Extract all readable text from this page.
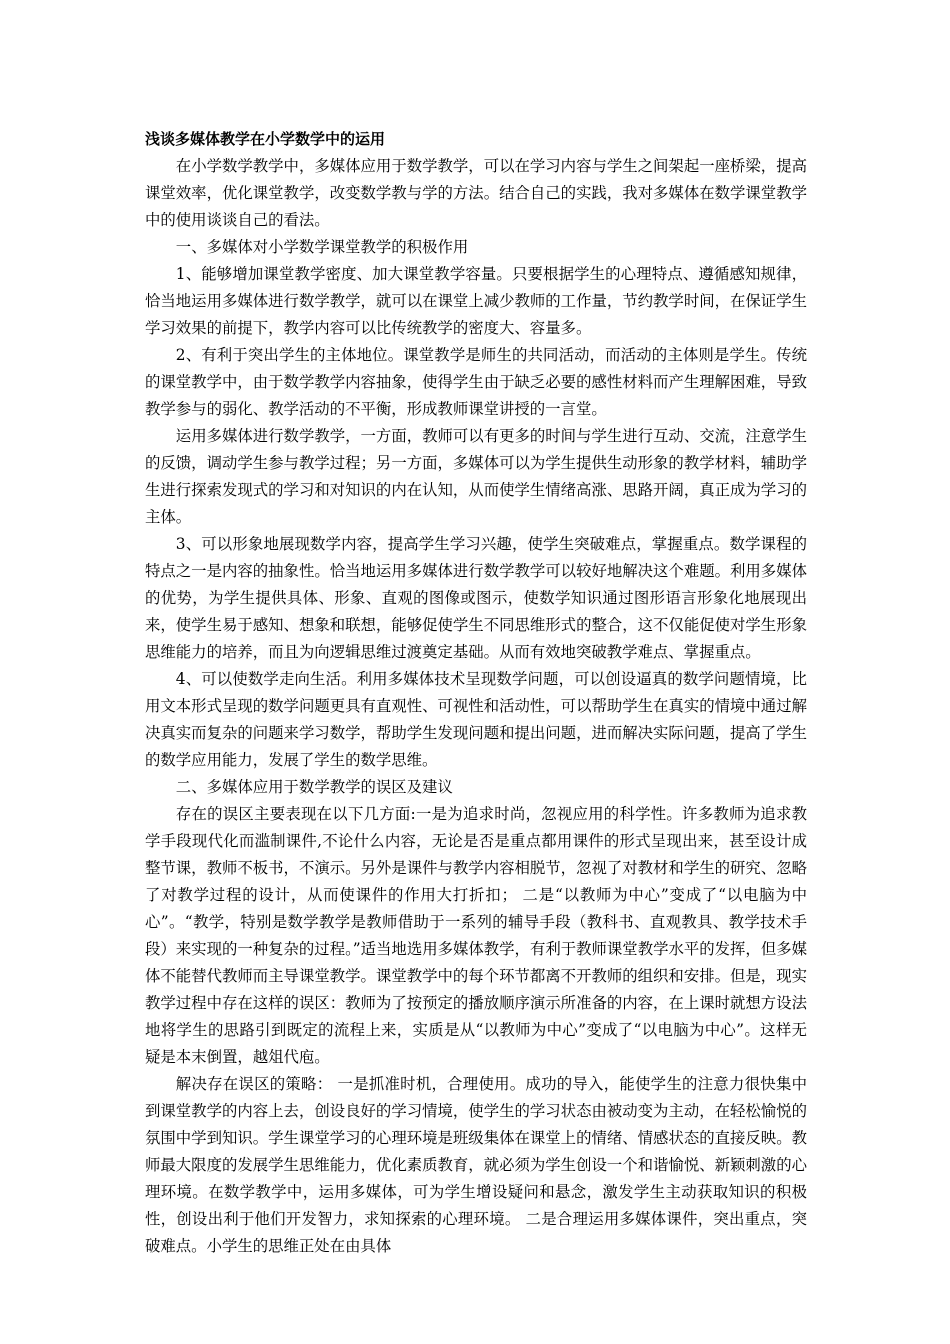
浅谈多媒体教学在小学数学中的运用

在小学数学教学中，多媒体应用于数学教学，可以在学习内容与学生之间架起一座桥梁，提高课堂效率，优化课堂教学，改变数学教与学的方法。结合自己的实践，我对多媒体在数学课堂教学中的使用谈谈自己的看法。

一、多媒体对小学数学课堂教学的积极作用

1、能够增加课堂教学密度、加大课堂教学容量。只要根据学生的心理特点、遵循感知规律，恰当地运用多媒体进行数学教学，就可以在课堂上减少教师的工作量，节约教学时间，在保证学生学习效果的前提下，教学内容可以比传统教学的密度大、容量多。

2、有利于突出学生的主体地位。课堂教学是师生的共同活动，而活动的主体则是学生。传统的课堂教学中，由于数学教学内容抽象，使得学生由于缺乏必要的感性材料而产生理解困难，导致教学参与的弱化、教学活动的不平衡，形成教师课堂讲授的一言堂。

运用多媒体进行数学教学，一方面，教师可以有更多的时间与学生进行互动、交流，注意学生的反馈，调动学生参与教学过程；另一方面，多媒体可以为学生提供生动形象的教学材料，辅助学生进行探索发现式的学习和对知识的内在认知，从而使学生情绪高涨、思路开阔，真正成为学习的主体。

3、可以形象地展现数学内容，提高学生学习兴趣，使学生突破难点，掌握重点。数学课程的特点之一是内容的抽象性。恰当地运用多媒体进行数学教学可以较好地解决这个难题。利用多媒体的优势，为学生提供具体、形象、直观的图像或图示，使数学知识通过图形语言形象化地展现出来，使学生易于感知、想象和联想，能够促使学生不同思维形式的整合，这不仅能促使对学生形象思维能力的培养，而且为向逻辑思维过渡奠定基础。从而有效地突破教学难点、掌握重点。

4、可以使数学走向生活。利用多媒体技术呈现数学问题，可以创设逼真的数学问题情境，比用文本形式呈现的数学问题更具有直观性、可视性和活动性，可以帮助学生在真实的情境中通过解决真实而复杂的问题来学习数学，帮助学生发现问题和提出问题，进而解决实际问题，提高了学生的数学应用能力，发展了学生的数学思维。

二、多媒体应用于数学教学的误区及建议

存在的误区主要表现在以下几方面:一是为追求时尚，忽视应用的科学性。许多教师为追求教学手段现代化而滥制课件,不论什么内容，无论是否是重点都用课件的形式呈现出来，甚至设计成整节课，教师不板书，不演示。另外是课件与教学内容相脱节，忽视了对教材和学生的研究、忽略了对教学过程的设计，从而使课件的作用大打折扣； 二是“以教师为中心”变成了“以电脑为中心”。“教学，特别是数学教学是教师借助于一系列的辅导手段（教科书、直观教具、教学技术手段）来实现的一种复杂的过程。”适当地选用多媒体教学，有利于教师课堂教学水平的发挥，但多媒体不能替代教师而主导课堂教学。课堂教学中的每个环节都离不开教师的组织和安排。但是，现实教学过程中存在这样的误区：教师为了按预定的播放顺序演示所准备的内容，在上课时就想方设法地将学生的思路引到既定的流程上来，实质是从“以教师为中心”变成了“以电脑为中心”。这样无疑是本末倒置，越俎代庖。

解决存在误区的策略： 一是抓准时机，合理使用。成功的导入，能使学生的注意力很快集中到课堂教学的内容上去，创设良好的学习情境，使学生的学习状态由被动变为主动，在轻松愉悦的氛围中学到知识。学生课堂学习的心理环境是班级集体在课堂上的情绪、情感状态的直接反映。教师最大限度的发展学生思维能力，优化素质教育，就必须为学生创设一个和谐愉悦、新颖刺激的心理环境。在数学教学中，运用多媒体，可为学生增设疑问和悬念，激发学生主动获取知识的积极性，创设出利于他们开发智力，求知探索的心理环境。 二是合理运用多媒体课件，突出重点，突破难点。小学生的思维正处在由具体
